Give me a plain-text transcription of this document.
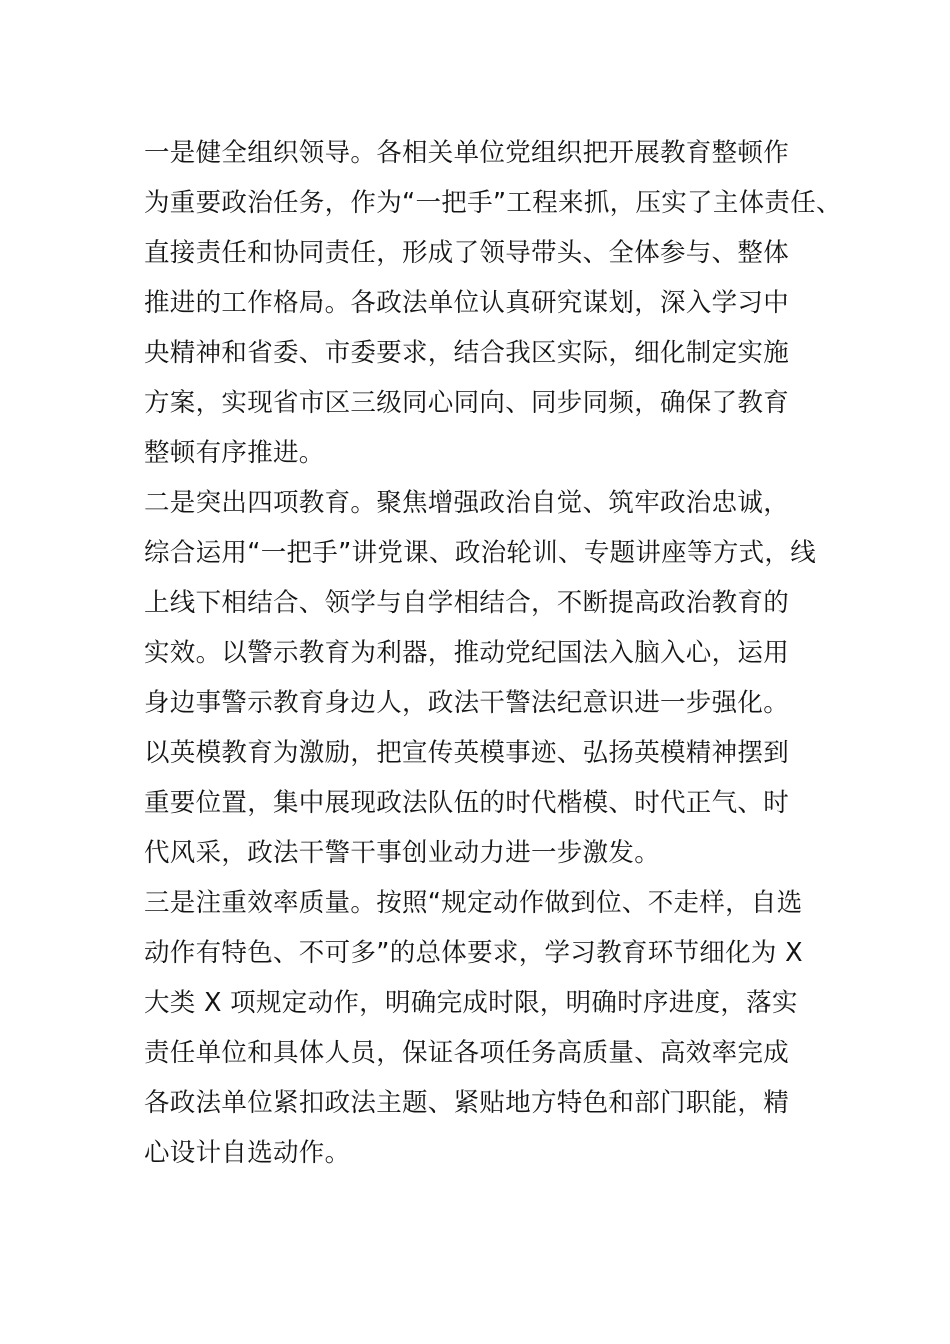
一是健全组织领导。各相关单位党组织把开展教育整顿作
为重要政治任务，作为“一把手”工程来抓，压实了主体责任、
直接责任和协同责任，形成了领导带头、全体参与、整体
推进的工作格局。各政法单位认真研究谋划，深入学习中
央精神和省委、市委要求，结合我区实际，细化制定实施
方案，实现省市区三级同心同向、同步同频，确保了教育
整顿有序推进。
二是突出四项教育。聚焦增强政治自觉、筑牢政治忠诚，
综合运用“一把手”讲党课、政治轮训、专题讲座等方式，线
上线下相结合、领学与自学相结合，不断提高政治教育的
实效。以警示教育为利器，推动党纪国法入脑入心，运用
身边事警示教育身边人，政法干警法纪意识进一步强化。
以英模教育为激励，把宣传英模事迹、弘扬英模精神摆到
重要位置，集中展现政法队伍的时代楷模、时代正气、时
代风采，政法干警干事创业动力进一步激发。
三是注重效率质量。按照“规定动作做到位、不走样，自选
动作有特色、不可多”的总体要求，学习教育环节细化为 X
大类 X 项规定动作，明确完成时限，明确时序进度，落实
责任单位和具体人员，保证各项任务高质量、高效率完成
各政法单位紧扣政法主题、紧贴地方特色和部门职能，精
心设计自选动作。
